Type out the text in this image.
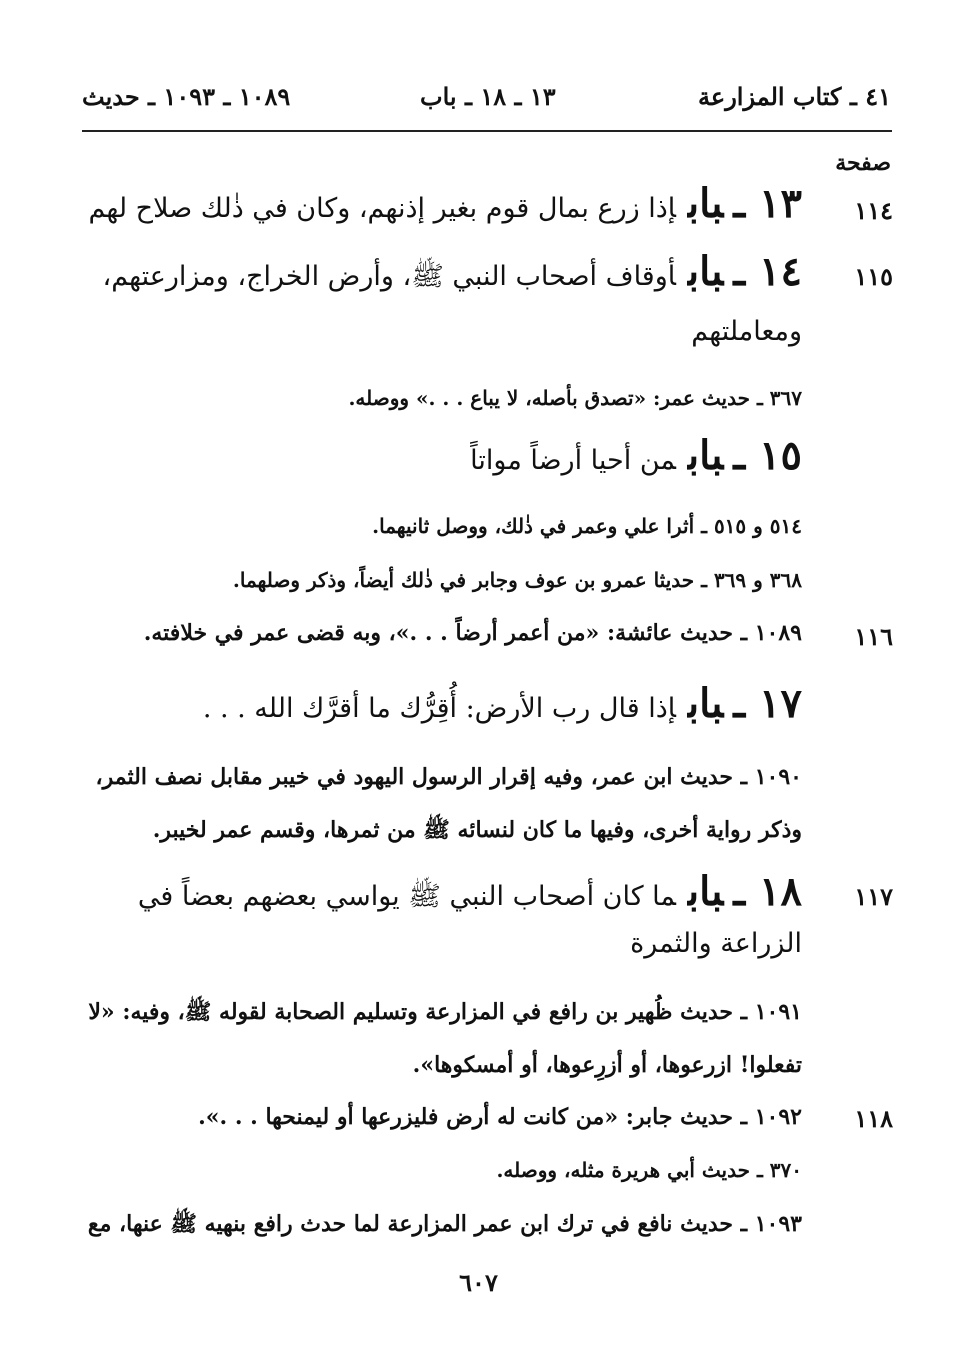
٤١ ـ كتاب المزارعة
١٣ ـ ١٨ ـ باب
١٠٨٩ ـ ١٠٩٣ ـ حديث
صفحة
١١٤
١٣ ـبابإذا زرع بمال قوم بغير إذنهم، وكان في ذٰلك صلاح لهم
١١٥
١٤ ـبابأوقاف أصحاب النبي ﷺ، وأرض الخراج، ومزارعتهم،
ومعاملتهم
٣٦٧ ـ حديث عمر: «تصدق بأصله، لا يباع . . .» ووصله.
١٥ ـبابمن أحيا أرضاً مواتاً
٥١٤ و ٥١٥ ـ أثرا علي وعمر في ذٰلك، ووصل ثانيهما.
٣٦٨ و ٣٦٩ ـ حديثا عمرو بن عوف وجابر في ذٰلك أيضاً، وذكر وصلهما.
١١٦
١٠٨٩ ـ حديث عائشة: «من أعمر أرضاً . . .»، وبه قضى عمر في خلافته.
١٧ ـبابإذا قال رب الأرض: أُقِرُّك ما أقرَّك الله . . .
١٠٩٠ ـ حديث ابن عمر، وفيه إقرار الرسول اليهود في خيبر مقابل نصف الثمر،
وذكر رواية أخرى، وفيها ما كان لنسائه ﷺ من ثمرها، وقسم عمر لخيبر.
١١٧
١٨ ـبابما كان أصحاب النبي ﷺ يواسي بعضهم بعضاً في
الزراعة والثمرة
١٠٩١ ـ حديث ظُهير بن رافع في المزارعة وتسليم الصحابة لقوله ﷺ، وفيه: «لا
تفعلوا! ازرعوها، أو أزرِعوها، أو أمسكوها».
١١٨
١٠٩٢ ـ حديث جابر: «من كانت له أرض فليزرعها أو ليمنحها . . .».
٣٧٠ ـ حديث أبي هريرة مثله، ووصله.
١٠٩٣ ـ حديث نافع في ترك ابن عمر المزارعة لما حدث رافع بنهيه ﷺ عنها، مع
٦٠٧
